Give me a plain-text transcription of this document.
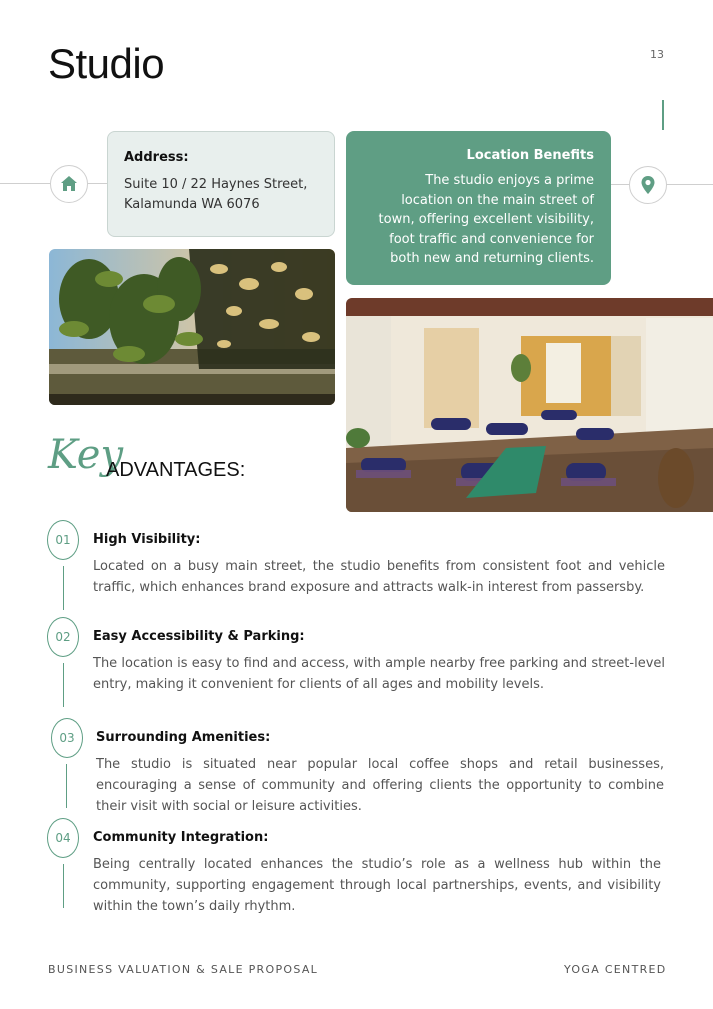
Studio	13
Address:
Suite 10 / 22 Haynes Street,
Kalamunda WA 6076
Location Benefits
The studio enjoys a prime
location on the main street of
town, offering excellent visibility,
foot traffic and convenience for
both new and returning clients.
Key
ADVANTAGES:
01 High Visibility:
Located on a busy main street, the studio benefits from consistent foot and vehicle traffic, which enhances brand exposure and attracts walk-in interest from passersby.
02 Easy Accessibility & Parking:
The location is easy to find and access, with ample nearby free parking and street-level entry, making it convenient for clients of all ages and mobility levels.
03 Surrounding Amenities:
The studio is situated near popular local coffee shops and retail businesses, encouraging a sense of community and offering clients the opportunity to combine their visit with social or leisure activities.
04 Community Integration:
Being centrally located enhances the studio’s role as a wellness hub within the community, supporting engagement through local partnerships, events, and visibility within the town’s daily rhythm.
BUSINESS VALUATION & SALE PROPOSAL	YOGA CENTRED
